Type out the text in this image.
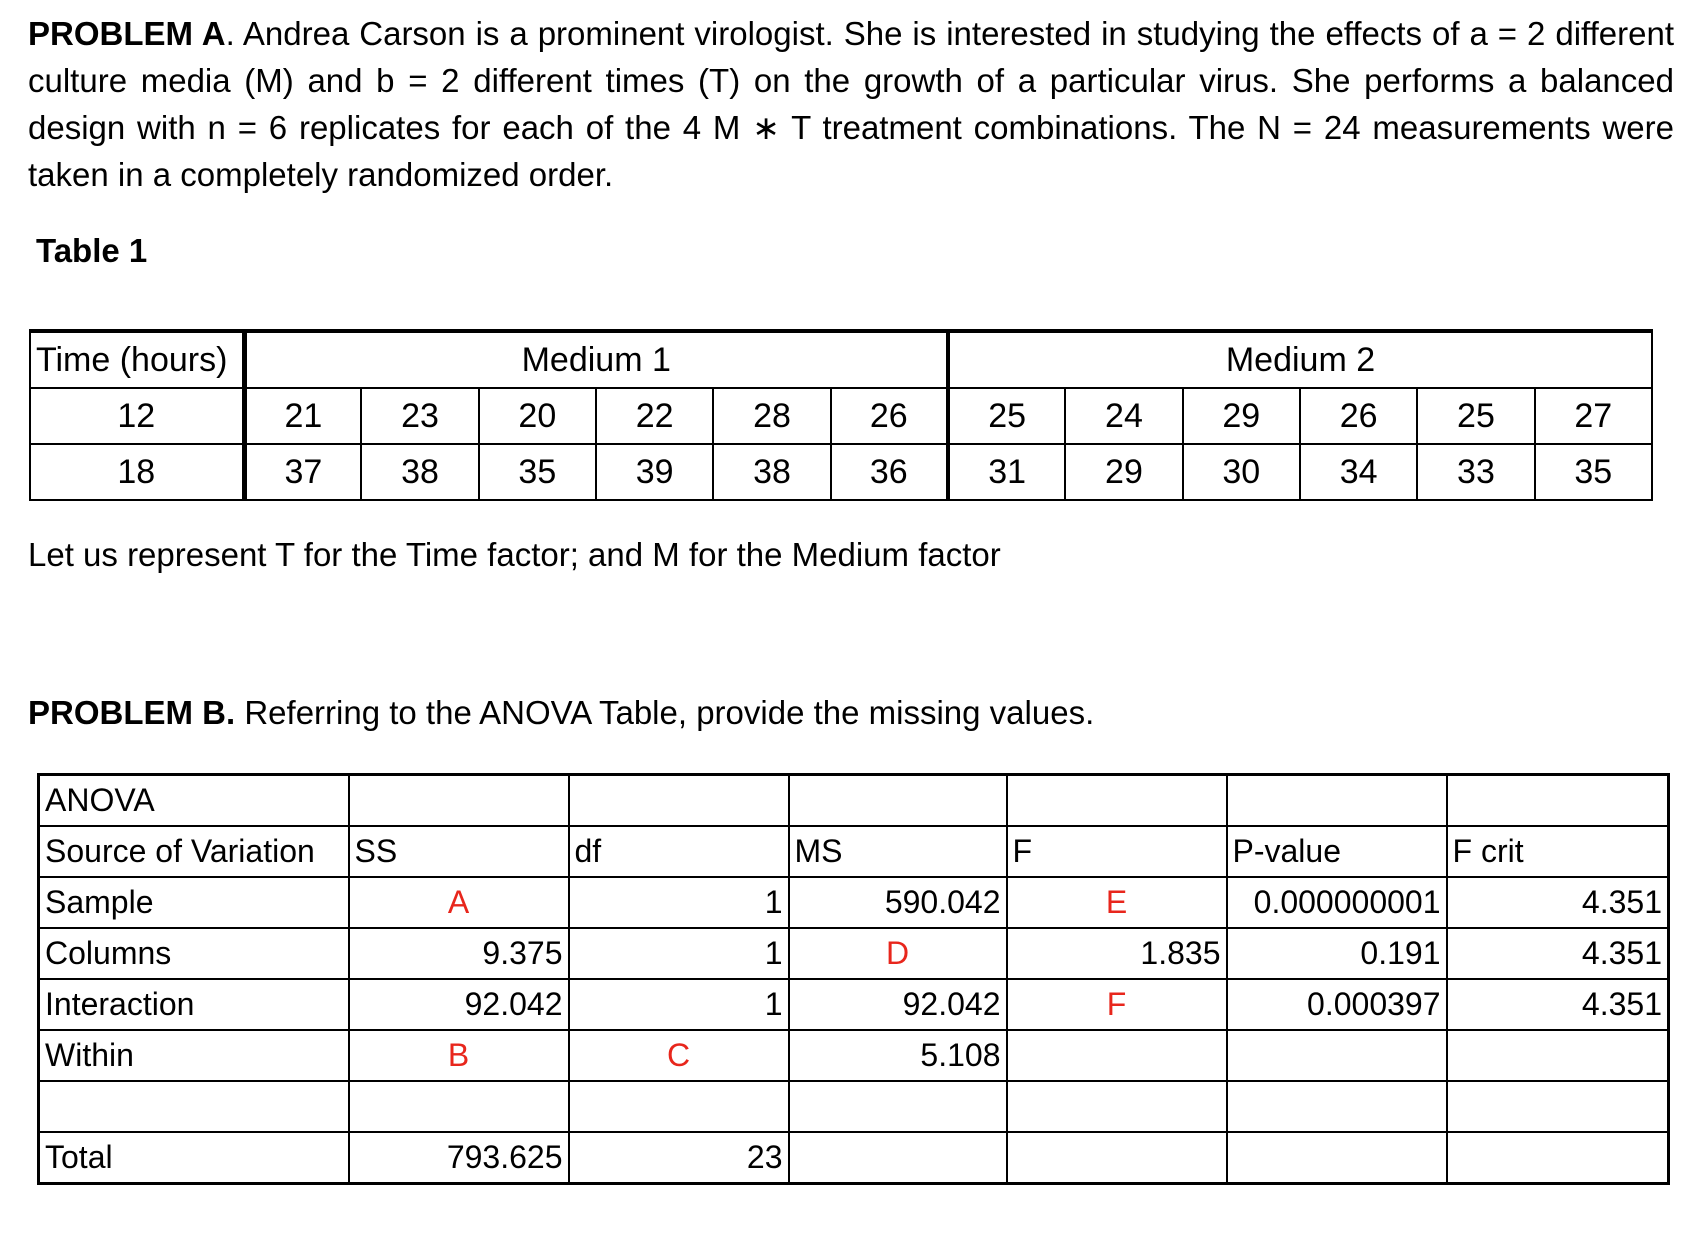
PROBLEM A. Andrea Carson is a prominent virologist. She is interested in studying the effects of a = 2 different culture media (M) and b = 2 different times (T) on the growth of a particular virus. She performs a balanced design with n = 6 replicates for each of the 4 M ∗ T treatment combinations. The N = 24 measurements were taken in a completely randomized order.

Table 1

Time (hours)	Medium 1						Medium 2					
12	21	23	20	22	28	26	25	24	29	26	25	27
18	37	38	35	39	38	36	31	29	30	34	33	35

Let us represent T for the Time factor; and M for the Medium factor

PROBLEM B. Referring to the ANOVA Table, provide the missing values.

ANOVA						
Source of Variation	SS	df	MS	F	P-value	F crit
Sample	A	1	590.042	E	0.000000001	4.351
Columns	9.375	1	D	1.835	0.191	4.351
Interaction	92.042	1	92.042	F	0.000397	4.351
Within	B	C	5.108			

Total	793.625	23				
